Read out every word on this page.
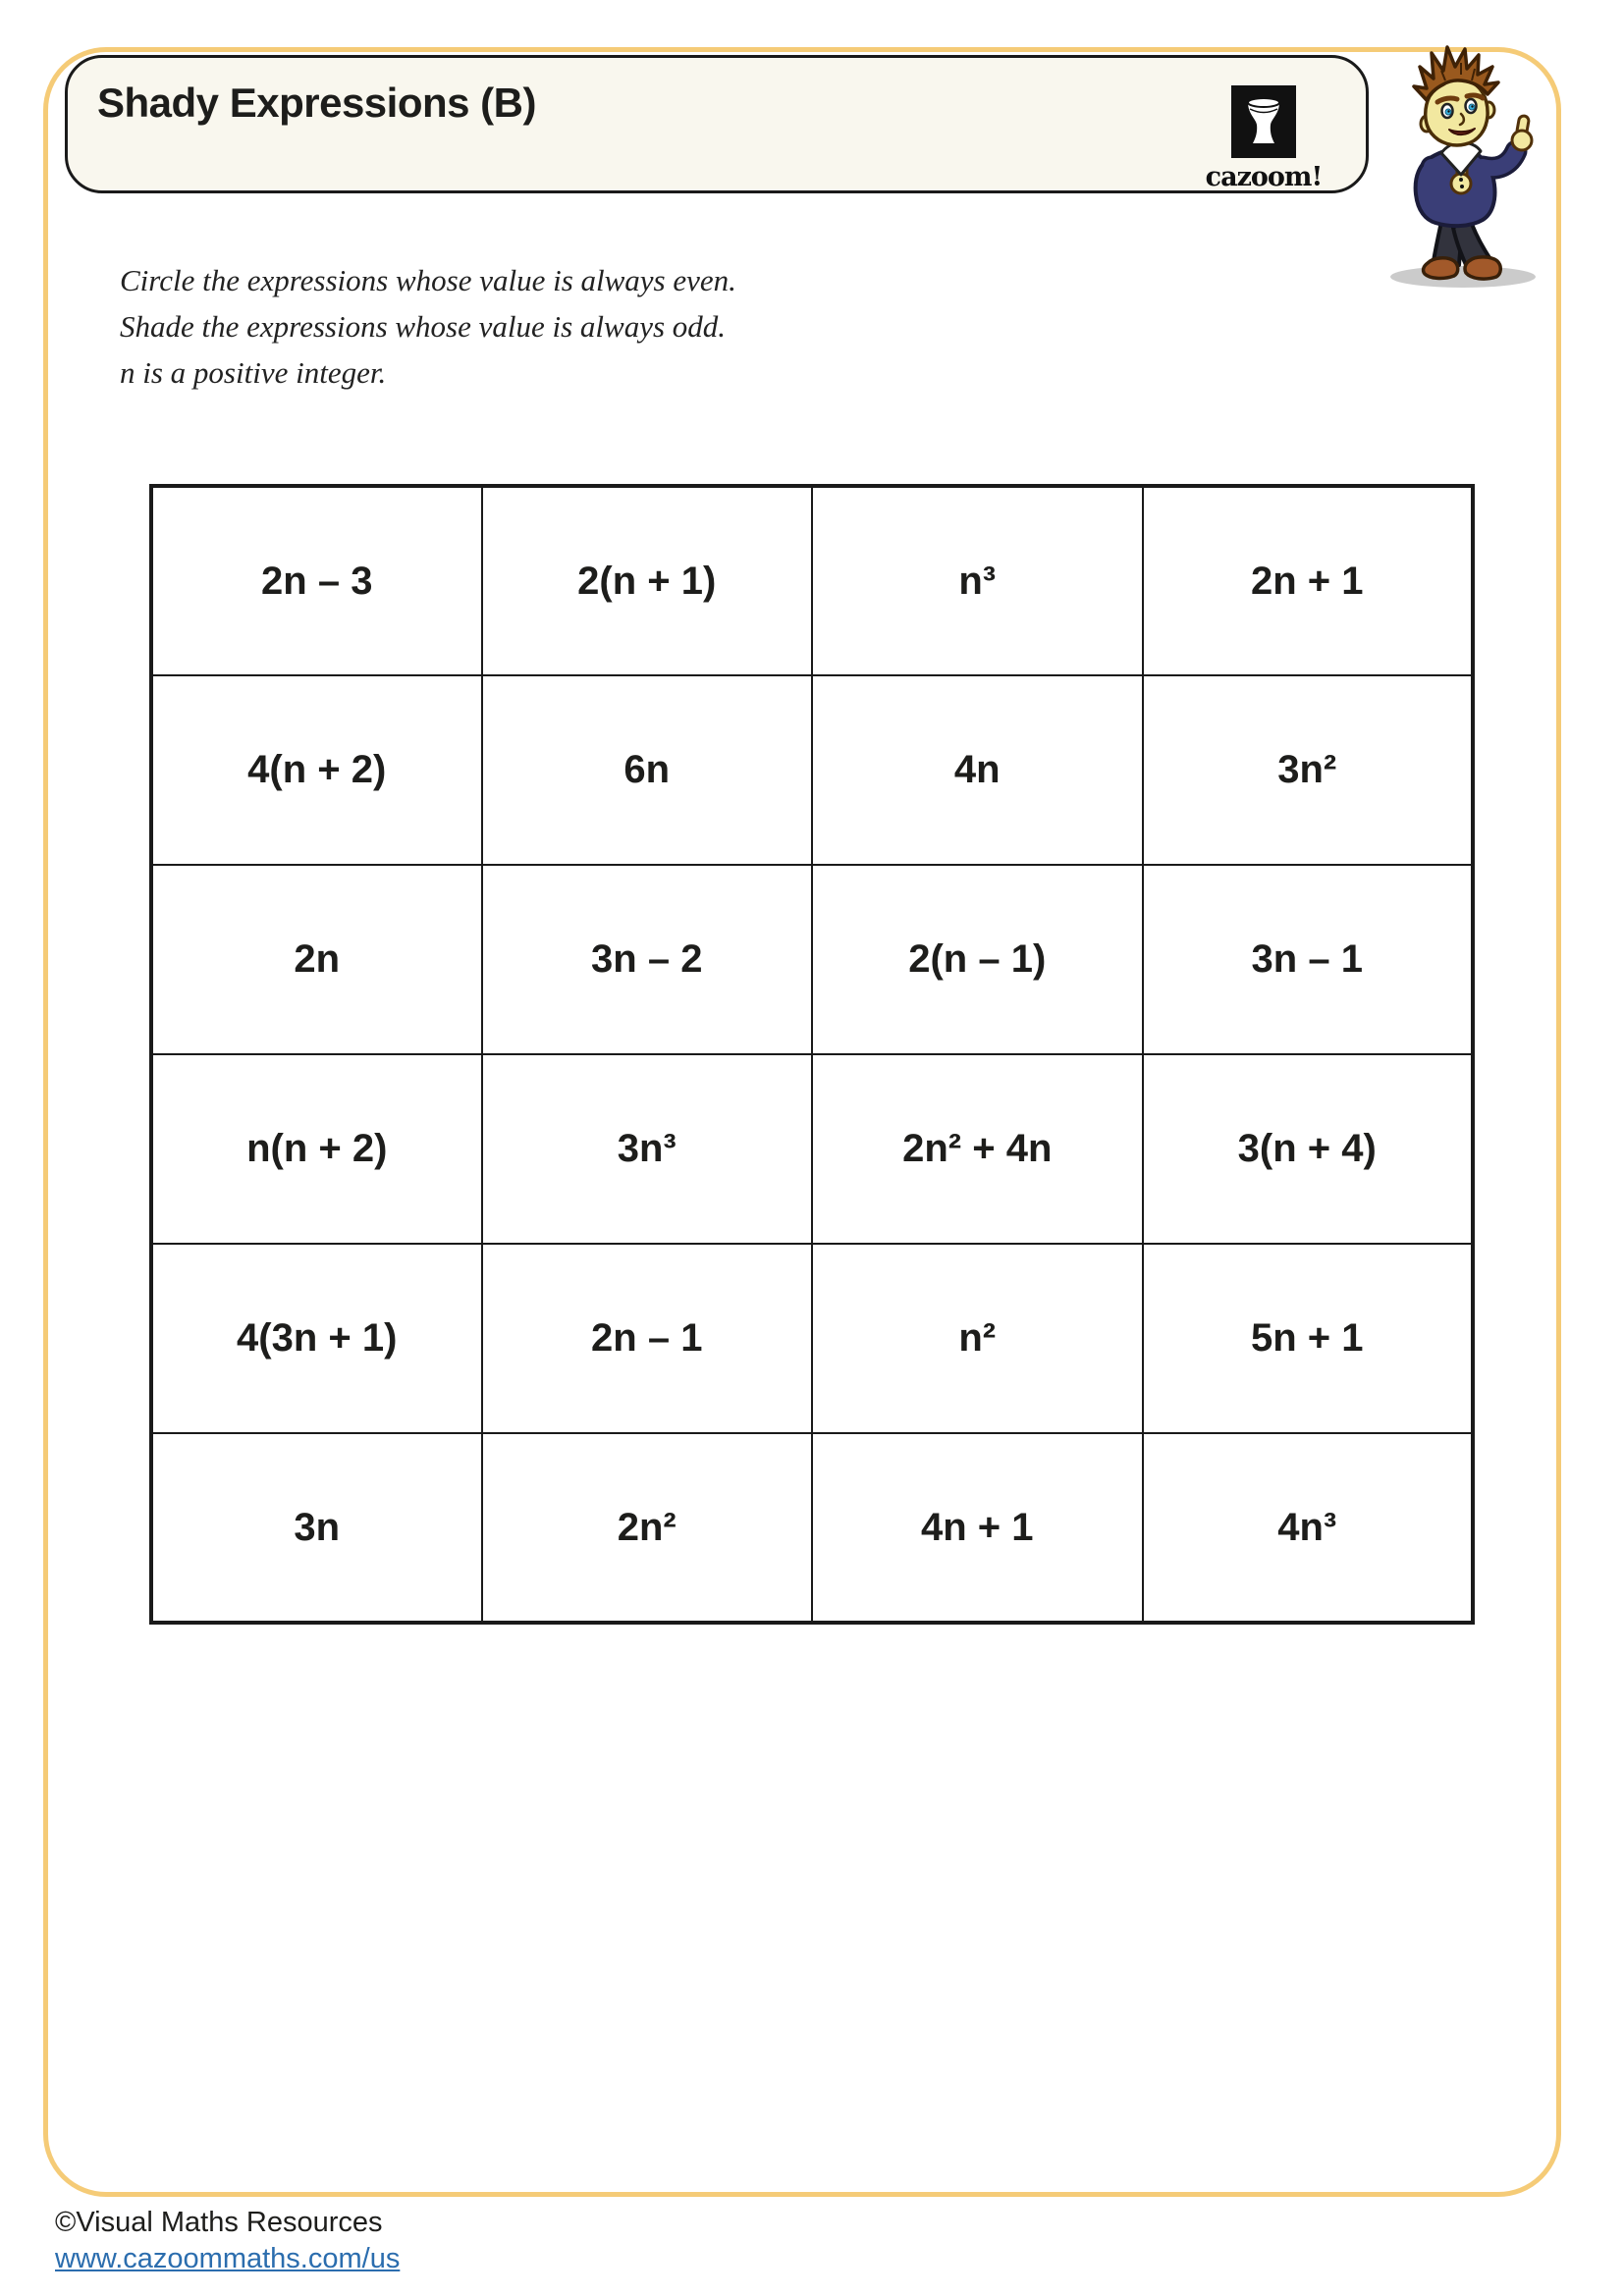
Shady Expressions (B)
cazoom!
Circle the expressions whose value is always even.
Shade the expressions whose value is always odd.
n is a positive integer.
2n – 3	2(n + 1)	n³	2n + 1
4(n + 2)	6n	4n	3n²
2n	3n – 2	2(n – 1)	3n – 1
n(n + 2)	3n³	2n² + 4n	3(n + 4)
4(3n + 1)	2n – 1	n²	5n + 1
3n	2n²	4n + 1	4n³
©Visual Maths Resources
www.cazoommaths.com/us
